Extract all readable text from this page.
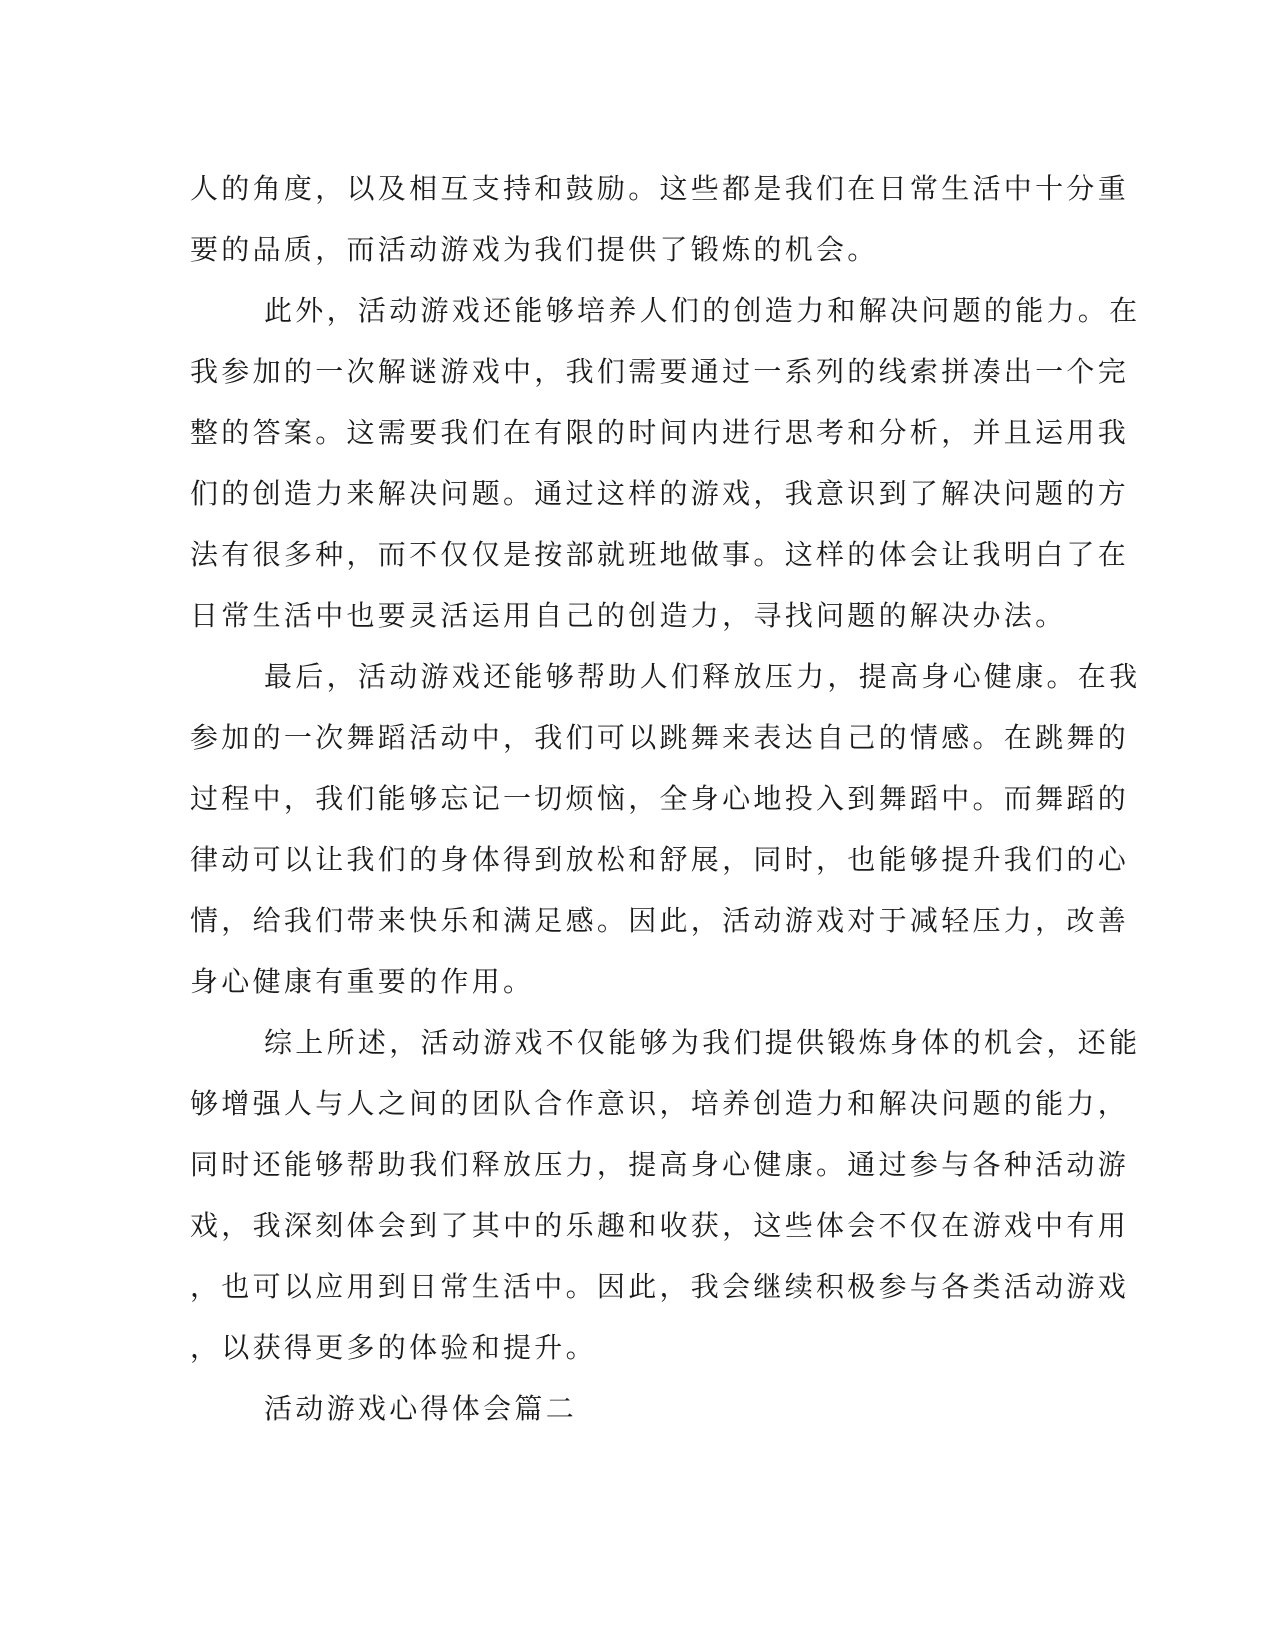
人的角度，以及相互支持和鼓励。这些都是我们在日常生活中十分重
要的品质，而活动游戏为我们提供了锻炼的机会。
此外，活动游戏还能够培养人们的创造力和解决问题的能力。在
我参加的一次解谜游戏中，我们需要通过一系列的线索拼凑出一个完
整的答案。这需要我们在有限的时间内进行思考和分析，并且运用我
们的创造力来解决问题。通过这样的游戏，我意识到了解决问题的方
法有很多种，而不仅仅是按部就班地做事。这样的体会让我明白了在
日常生活中也要灵活运用自己的创造力，寻找问题的解决办法。
最后，活动游戏还能够帮助人们释放压力，提高身心健康。在我
参加的一次舞蹈活动中，我们可以跳舞来表达自己的情感。在跳舞的
过程中，我们能够忘记一切烦恼，全身心地投入到舞蹈中。而舞蹈的
律动可以让我们的身体得到放松和舒展，同时，也能够提升我们的心
情，给我们带来快乐和满足感。因此，活动游戏对于减轻压力，改善
身心健康有重要的作用。
综上所述，活动游戏不仅能够为我们提供锻炼身体的机会，还能
够增强人与人之间的团队合作意识，培养创造力和解决问题的能力，
同时还能够帮助我们释放压力，提高身心健康。通过参与各种活动游
戏，我深刻体会到了其中的乐趣和收获，这些体会不仅在游戏中有用
，也可以应用到日常生活中。因此，我会继续积极参与各类活动游戏
，以获得更多的体验和提升。
活动游戏心得体会篇二
